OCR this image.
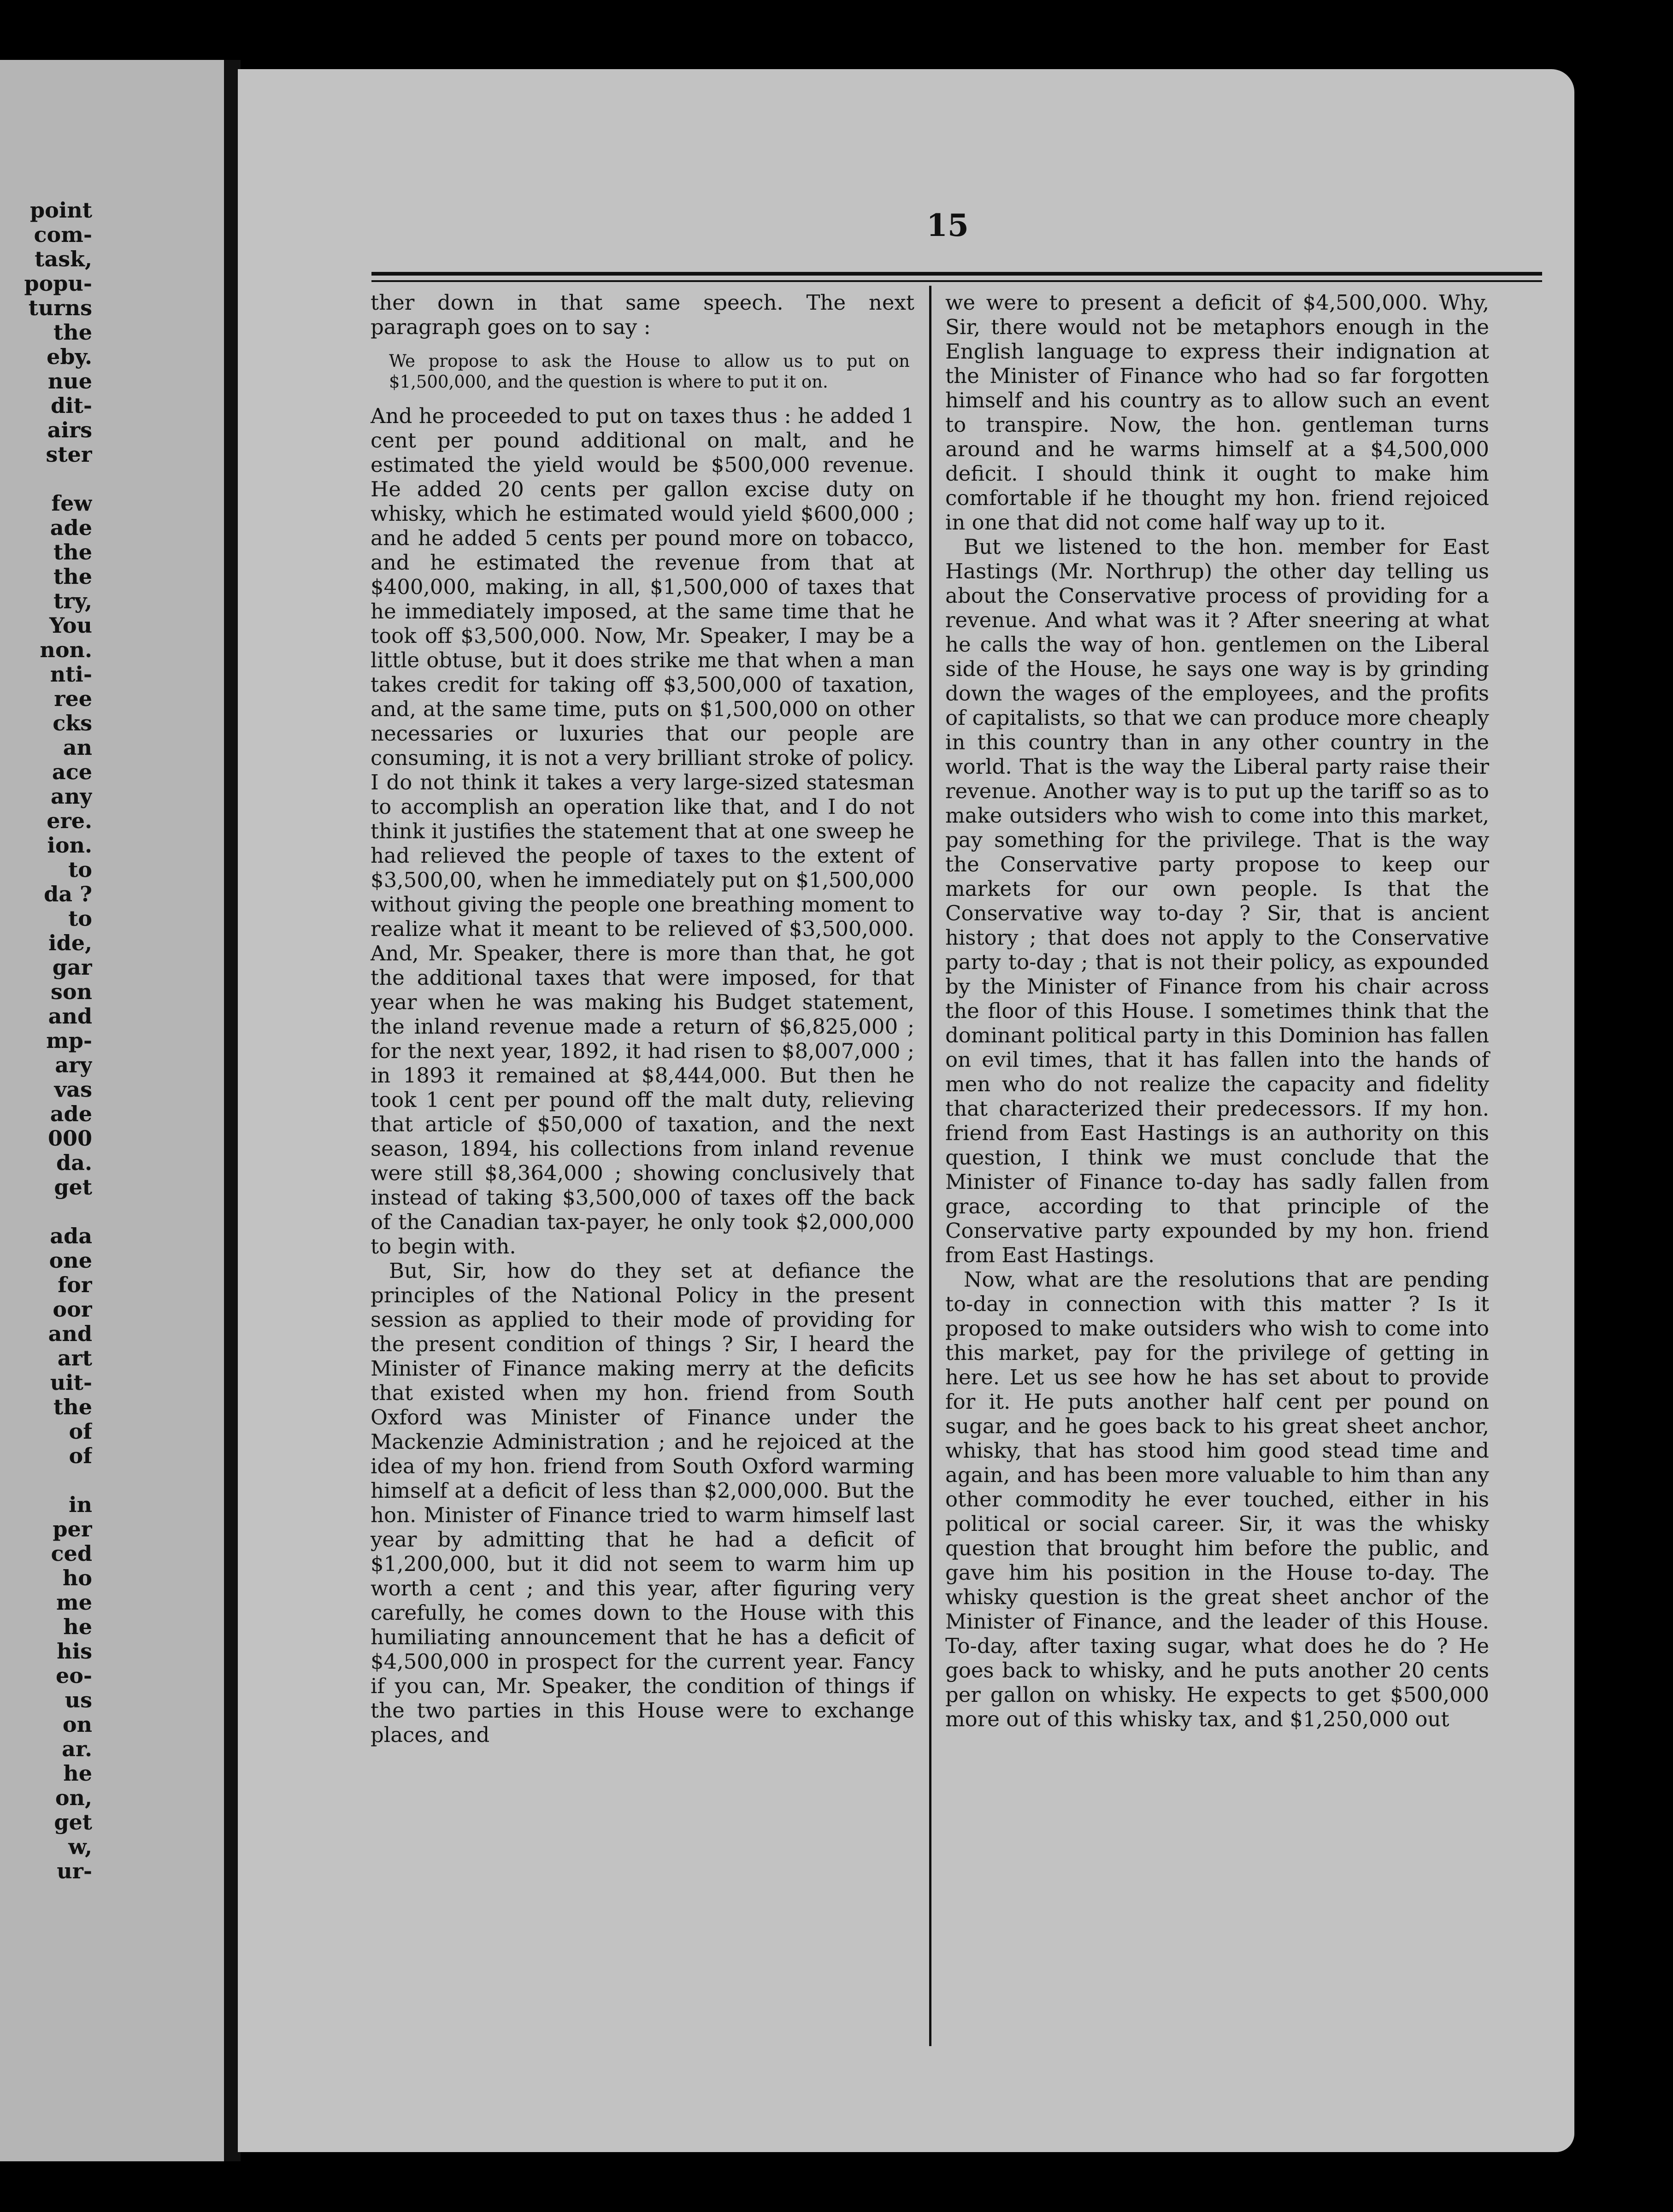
point
com-
task,
popu-
turns
the
eby.
nue
dit-
airs
ster
few
ade
the
the
try,
You
non.
nti-
ree
cks
an
ace
any
ere.
ion.
to
da ?
to
ide,
gar
son
and
mp-
ary
vas
ade
000
da.
get
ada
one
for
oor
and
art
uit-
the
of
of
in
per
ced
ho
me
he
his
eo-
us
on
ar.
he
on,
get
w,
ur-
15

ther down in that same speech. The next paragraph goes on to say :

We propose to ask the House to allow us to put on $1,500,000, and the question is where to put it on.

And he proceeded to put on taxes thus : he added 1 cent per pound additional on malt, and he estimated the yield would be $500,000 revenue. He added 20 cents per gallon excise duty on whisky, which he estimated would yield $600,000 ; and he added 5 cents per pound more on tobacco, and he estimated the revenue from that at $400,000, making, in all, $1,500,000 of taxes that he immediately imposed, at the same time that he took off $3,500,000. Now, Mr. Speaker, I may be a little obtuse, but it does strike me that when a man takes credit for taking off $3,500,000 of taxation, and, at the same time, puts on $1,500,000 on other necessaries or luxuries that our people are consuming, it is not a very brilliant stroke of policy. I do not think it takes a very large-sized statesman to accomplish an operation like that, and I do not think it justifies the statement that at one sweep he had relieved the people of taxes to the extent of $3,500,00, when he immediately put on $1,500,000 without giving the people one breathing moment to realize what it meant to be relieved of $3,500,000. And, Mr. Speaker, there is more than that, he got the additional taxes that were imposed, for that year when he was making his Budget statement, the inland revenue made a return of $6,825,000 ; for the next year, 1892, it had risen to $8,007,000 ; in 1893 it remained at $8,444,000. But then he took 1 cent per pound off the malt duty, relieving that article of $50,000 of taxation, and the next season, 1894, his collections from inland revenue were still $8,364,000 ; showing conclusively that instead of taking $3,500,000 of taxes off the back of the Canadian tax-payer, he only took $2,000,000 to begin with.

But, Sir, how do they set at defiance the principles of the National Policy in the present session as applied to their mode of providing for the present condition of things ? Sir, I heard the Minister of Finance making merry at the deficits that existed when my hon. friend from South Oxford was Minister of Finance under the Mackenzie Administration ; and he rejoiced at the idea of my hon. friend from South Oxford warming himself at a deficit of less than $2,000,000. But the hon. Minister of Finance tried to warm himself last year by admitting that he had a deficit of $1,200,000, but it did not seem to warm him up worth a cent ; and this year, after figuring very carefully, he comes down to the House with this humiliating announcement that he has a deficit of $4,500,000 in prospect for the current year. Fancy if you can, Mr. Speaker, the condition of things if the two parties in this House were to exchange places, and

we were to present a deficit of $4,500,000. Why, Sir, there would not be metaphors enough in the English language to express their indignation at the Minister of Finance who had so far forgotten himself and his country as to allow such an event to transpire. Now, the hon. gentleman turns around and he warms himself at a $4,500,000 deficit. I should think it ought to make him comfortable if he thought my hon. friend rejoiced in one that did not come half way up to it.

But we listened to the hon. member for East Hastings (Mr. Northrup) the other day telling us about the Conservative process of providing for a revenue. And what was it ? After sneering at what he calls the way of hon. gentlemen on the Liberal side of the House, he says one way is by grinding down the wages of the employees, and the profits of capitalists, so that we can produce more cheaply in this country than in any other country in the world. That is the way the Liberal party raise their revenue. Another way is to put up the tariff so as to make outsiders who wish to come into this market, pay something for the privilege. That is the way the Conservative party propose to keep our markets for our own people. Is that the Conservative way to-day ? Sir, that is ancient history ; that does not apply to the Conservative party to-day ; that is not their policy, as expounded by the Minister of Finance from his chair across the floor of this House. I sometimes think that the dominant political party in this Dominion has fallen on evil times, that it has fallen into the hands of men who do not realize the capacity and fidelity that characterized their predecessors. If my hon. friend from East Hastings is an authority on this question, I think we must conclude that the Minister of Finance to-day has sadly fallen from grace, according to that principle of the Conservative party expounded by my hon. friend from East Hastings.

Now, what are the resolutions that are pending to-day in connection with this matter ? Is it proposed to make outsiders who wish to come into this market, pay for the privilege of getting in here. Let us see how he has set about to provide for it. He puts another half cent per pound on sugar, and he goes back to his great sheet anchor, whisky, that has stood him good stead time and again, and has been more valuable to him than any other commodity he ever touched, either in his political or social career. Sir, it was the whisky question that brought him before the public, and gave him his position in the House to-day. The whisky question is the great sheet anchor of the Minister of Finance, and the leader of this House. To-day, after taxing sugar, what does he do ? He goes back to whisky, and he puts another 20 cents per gallon on whisky. He expects to get $500,000 more out of this whisky tax, and $1,250,000 out
